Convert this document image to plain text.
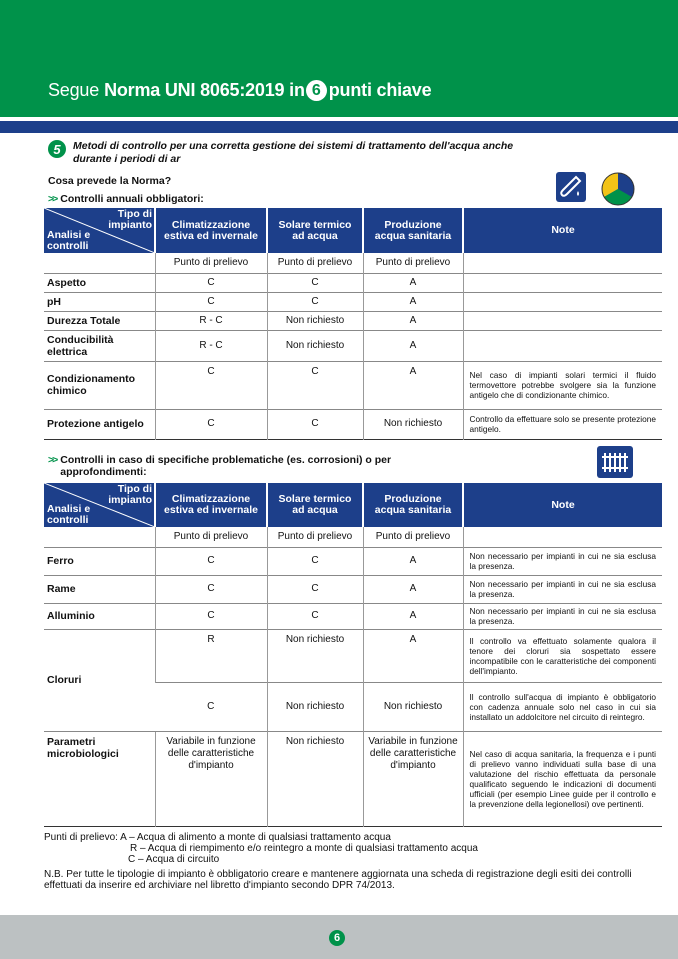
Segue Norma UNI 8065:2019 in 6 punti chiave
5	Metodi di controllo per una corretta gestione dei sistemi di trattamento dell'acqua anche durante i periodi di ar
Cosa prevede la Norma?
>> Controlli annuali obbligatori:
Tipo di impianto
Analisi e controlli	Climatizzazione estiva ed invernale	Solare termico ad acqua	Produzione acqua sanitaria	Note
	Punto di prelievo	Punto di prelievo	Punto di prelievo	
Aspetto	C	C	A	
pH	C	C	A	
Durezza Totale	R - C	Non richiesto	A	
Conducibilità elettrica	R - C	Non richiesto	A	
Condizionamento chimico	C	C	A	Nel caso di impianti solari termici il fluido termovettore potrebbe svolgere sia la funzione antigelo che di condizionante chimico.
Protezione antigelo	C	C	Non richiesto	Controllo da effettuare solo se presente protezione antigelo.

>> Controlli in caso di specifiche problematiche (es. corrosioni) o per approfondimenti:
Tipo di impianto
Analisi e controlli	Climatizzazione estiva ed invernale	Solare termico ad acqua	Produzione acqua sanitaria	Note
	Punto di prelievo	Punto di prelievo	Punto di prelievo	
Ferro	C	C	A	Non necessario per impianti in cui ne sia esclusa la presenza.
Rame	C	C	A	Non necessario per impianti in cui ne sia esclusa la presenza.
Alluminio	C	C	A	Non necessario per impianti in cui ne sia esclusa la presenza.
Cloruri	R	Non richiesto	A	Il controllo va effettuato solamente qualora il tenore dei cloruri sia sospettato essere incompatibile con le caratteristiche dei componenti dell'impianto.
	C	Non richiesto	Non richiesto	Il controllo sull'acqua di impianto è obbligatorio con cadenza annuale solo nel caso in cui sia installato un addolcitore nel circuito di reintegro.
Parametri microbiologici	Variabile in funzione delle caratteristiche d'impianto	Non richiesto	Variabile in funzione delle caratteristiche d'impianto	Nel caso di acqua sanitaria, la frequenza e i punti di prelievo vanno individuati sulla base di una valutazione del rischio effettuata da personale qualificato seguendo le indicazioni di documenti ufficiali (per esempio Linee guide per il controllo e la prevenzione della legionellosi) ove pertinenti.

Punti di prelievo: A – Acqua di alimento a monte di qualsiasi trattamento acqua
R – Acqua di riempimento e/o reintegro a monte di qualsiasi trattamento acqua
C – Acqua di circuito
N.B. Per tutte le tipologie di impianto è obbligatorio creare e mantenere aggiornata una scheda di registrazione degli esiti dei controlli effettuati da inserire ed archiviare nel libretto d'impianto secondo DPR 74/2013.
6
